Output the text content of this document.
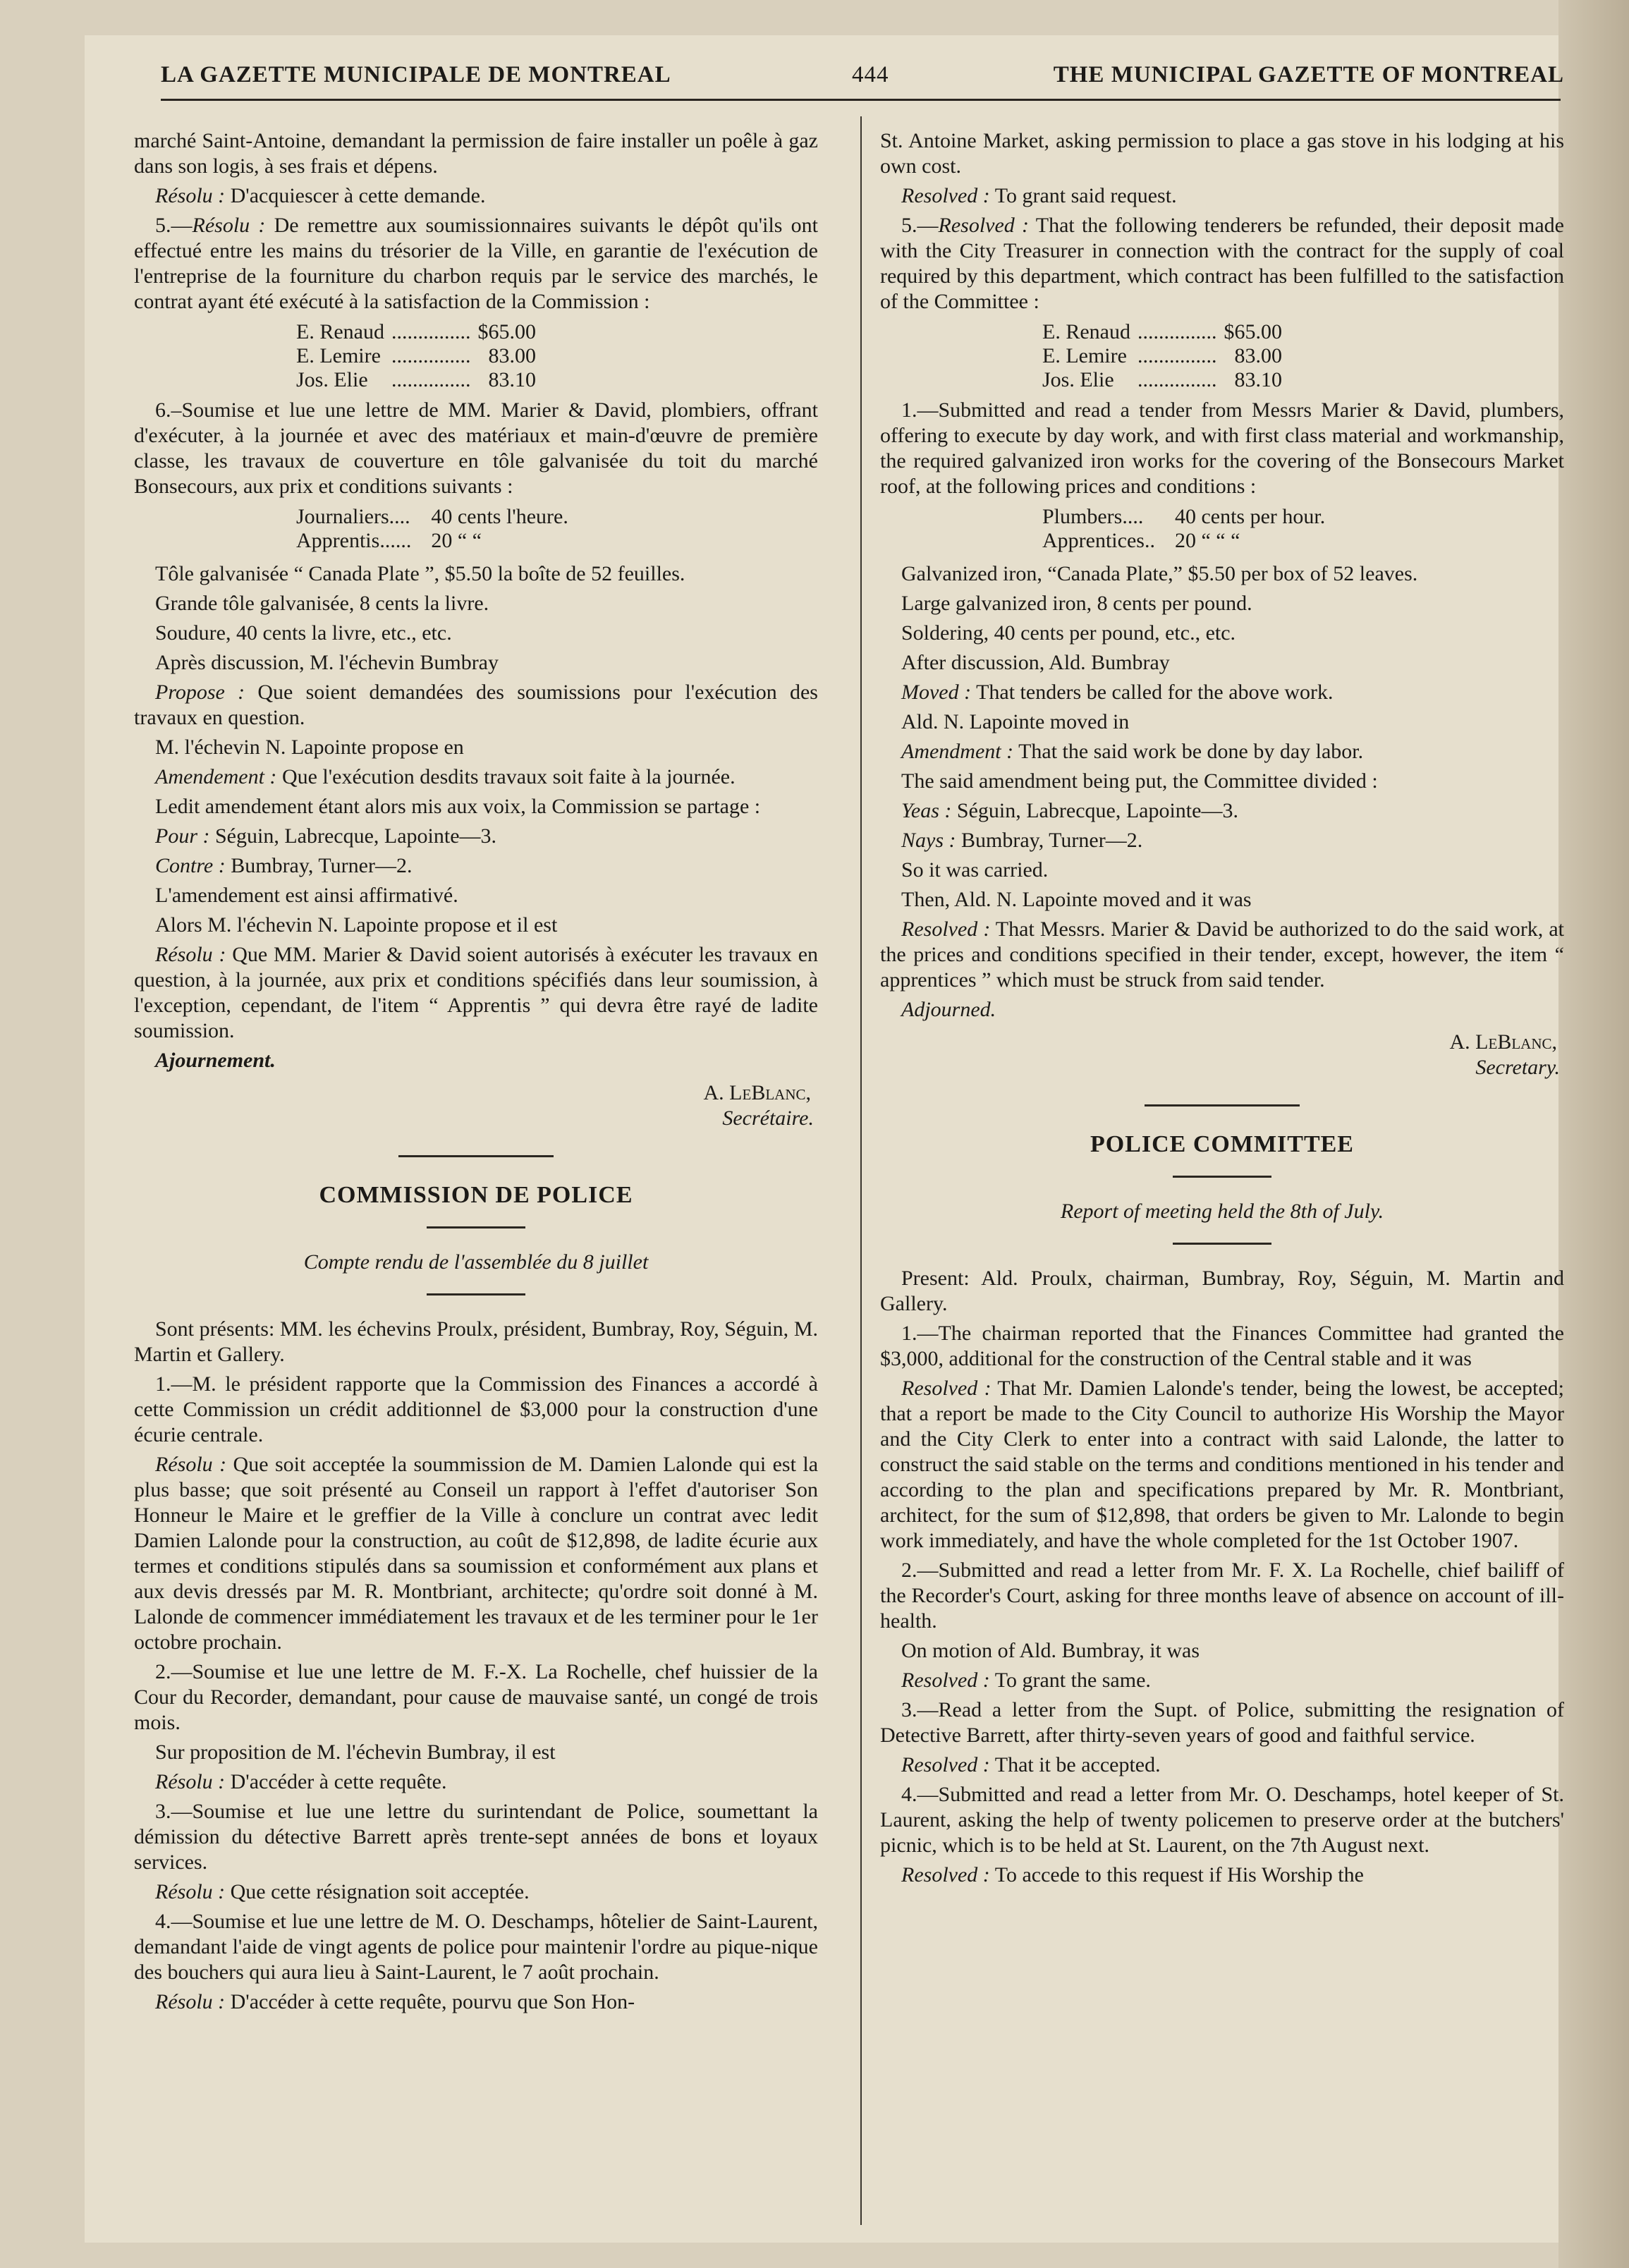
LA GAZETTE MUNICIPALE DE MONTREAL	444	THE MUNICIPAL GAZETTE OF MONTREAL

marché Saint-Antoine, demandant la permission de faire installer un poêle à gaz dans son logis, à ses frais et dépens.

Résolu : D'acquiescer à cette demande.

5.—Résolu : De remettre aux soumissionnaires suivants le dépôt qu'ils ont effectué entre les mains du trésorier de la Ville, en garantie de l'exécution de l'entreprise de la fourniture du charbon requis par le service des marchés, le contrat ayant été exécuté à la satisfaction de la Commission :

E. Renaud	...............	$65.00
E. Lemire	...............	83.00
Jos. Elie	...............	83.10

6.–Soumise et lue une lettre de MM. Marier & David, plombiers, offrant d'exécuter, à la journée et avec des matériaux et main-d'œuvre de première classe, les travaux de couverture en tôle galvanisée du toit du marché Bonsecours, aux prix et conditions suivants :

Journaliers....	40 cents l'heure.
Apprentis......	20 “ “

Tôle galvanisée “ Canada Plate ”, $5.50 la boîte de 52 feuilles.

Grande tôle galvanisée, 8 cents la livre.

Soudure, 40 cents la livre, etc., etc.

Après discussion, M. l'échevin Bumbray

Propose : Que soient demandées des soumissions pour l'exécution des travaux en question.

M. l'échevin N. Lapointe propose en

Amendement : Que l'exécution desdits travaux soit faite à la journée.

Ledit amendement étant alors mis aux voix, la Commission se partage :

Pour : Séguin, Labrecque, Lapointe—3.

Contre : Bumbray, Turner—2.

L'amendement est ainsi affirmativé.

Alors M. l'échevin N. Lapointe propose et il est

Résolu : Que MM. Marier & David soient autorisés à exécuter les travaux en question, à la journée, aux prix et conditions spécifiés dans leur soumission, à l'exception, cependant, de l'item “ Apprentis ” qui devra être rayé de ladite soumission.

Ajournement.

A. LeBlanc,
Secrétaire.
COMMISSION DE POLICE
Compte rendu de l'assemblée du 8 juillet

Sont présents: MM. les échevins Proulx, président, Bumbray, Roy, Séguin, M. Martin et Gallery.

1.—M. le président rapporte que la Commission des Finances a accordé à cette Commission un crédit additionnel de $3,000 pour la construction d'une écurie centrale.

Résolu : Que soit acceptée la soummission de M. Damien Lalonde qui est la plus basse; que soit présenté au Conseil un rapport à l'effet d'autoriser Son Honneur le Maire et le greffier de la Ville à conclure un contrat avec ledit Damien Lalonde pour la construction, au coût de $12,898, de ladite écurie aux termes et conditions stipulés dans sa soumission et conformément aux plans et aux devis dressés par M. R. Montbriant, architecte; qu'ordre soit donné à M. Lalonde de commencer immédiatement les travaux et de les terminer pour le 1er octobre prochain.

2.—Soumise et lue une lettre de M. F.-X. La Rochelle, chef huissier de la Cour du Recorder, demandant, pour cause de mauvaise santé, un congé de trois mois.

Sur proposition de M. l'échevin Bumbray, il est

Résolu : D'accéder à cette requête.

3.—Soumise et lue une lettre du surintendant de Police, soumettant la démission du détective Barrett après trente-sept années de bons et loyaux services.

Résolu : Que cette résignation soit acceptée.

4.—Soumise et lue une lettre de M. O. Deschamps, hôtelier de Saint-Laurent, demandant l'aide de vingt agents de police pour maintenir l'ordre au pique-nique des bouchers qui aura lieu à Saint-Laurent, le 7 août prochain.

Résolu : D'accéder à cette requête, pourvu que Son Hon-

St. Antoine Market, asking permission to place a gas stove in his lodging at his own cost.

Resolved : To grant said request.

5.—Resolved : That the following tenderers be refunded, their deposit made with the City Treasurer in connection with the contract for the supply of coal required by this department, which contract has been fulfilled to the satisfaction of the Committee :

E. Renaud	...............	$65.00
E. Lemire	...............	83.00
Jos. Elie	...............	83.10

1.—Submitted and read a tender from Messrs Marier & David, plumbers, offering to execute by day work, and with first class material and workmanship, the required galvanized iron works for the covering of the Bonsecours Market roof, at the following prices and conditions :

Plumbers....	40 cents per hour.
Apprentices..	20 “ “ “

Galvanized iron, “Canada Plate,” $5.50 per box of 52 leaves.

Large galvanized iron, 8 cents per pound.

Soldering, 40 cents per pound, etc., etc.

After discussion, Ald. Bumbray

Moved : That tenders be called for the above work.

Ald. N. Lapointe moved in

Amendment : That the said work be done by day labor.

The said amendment being put, the Committee divided :

Yeas : Séguin, Labrecque, Lapointe—3.

Nays : Bumbray, Turner—2.

So it was carried.

Then, Ald. N. Lapointe moved and it was

Resolved : That Messrs. Marier & David be authorized to do the said work, at the prices and conditions specified in their tender, except, however, the item “ apprentices ” which must be struck from said tender.

Adjourned.

A. LeBlanc,
Secretary.
POLICE COMMITTEE
Report of meeting held the 8th of July.

Present: Ald. Proulx, chairman, Bumbray, Roy, Séguin, M. Martin and Gallery.

1.—The chairman reported that the Finances Committee had granted the $3,000, additional for the construction of the Central stable and it was

Resolved : That Mr. Damien Lalonde's tender, being the lowest, be accepted; that a report be made to the City Council to authorize His Worship the Mayor and the City Clerk to enter into a contract with said Lalonde, the latter to construct the said stable on the terms and conditions mentioned in his tender and according to the plan and specifications prepared by Mr. R. Montbriant, architect, for the sum of $12,898, that orders be given to Mr. Lalonde to begin work immediately, and have the whole completed for the 1st October 1907.

2.—Submitted and read a letter from Mr. F. X. La Rochelle, chief bailiff of the Recorder's Court, asking for three months leave of absence on account of ill-health.

On motion of Ald. Bumbray, it was

Resolved : To grant the same.

3.—Read a letter from the Supt. of Police, submitting the resignation of Detective Barrett, after thirty-seven years of good and faithful service.

Resolved : That it be accepted.

4.—Submitted and read a letter from Mr. O. Deschamps, hotel keeper of St. Laurent, asking the help of twenty policemen to preserve order at the butchers' picnic, which is to be held at St. Laurent, on the 7th August next.

Resolved : To accede to this request if His Worship the
